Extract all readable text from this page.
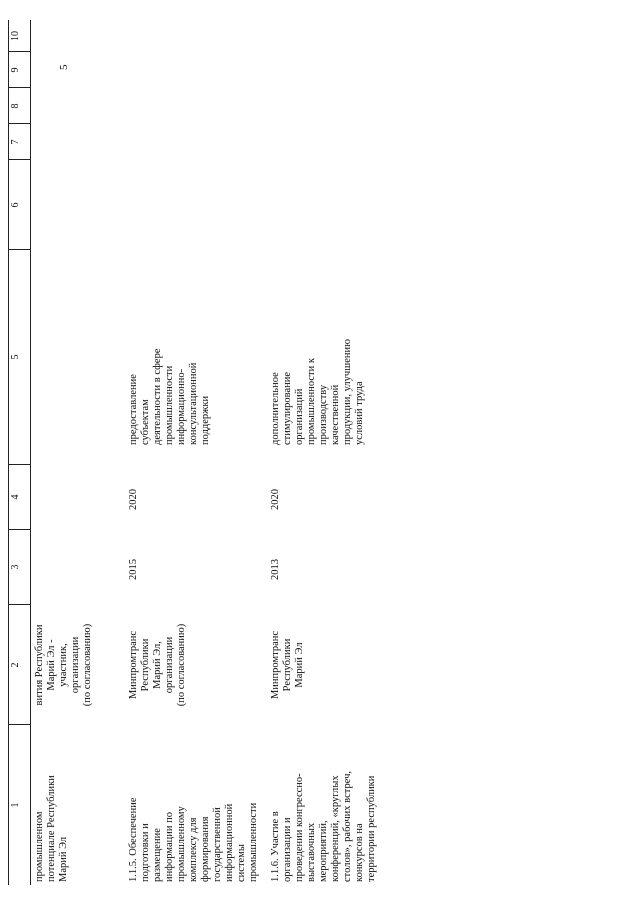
5
1
2
3
4
5
6
7
8
9
10
промышленном потенциале Республики Марий Эл
вития Республики Марий Эл - участник, организации (по согласованию)
1.1.5. Обеспечение подготовки и
размещение информации по промышленному комплексу для формирования государственной информационной системы промышленности
Минпромтранс Республики Марий Эл, организации (по согласованию)
2015
2020
предоставление субъектам деятельности в сфере промышленности информационно- консультационной поддержки
1.1.6. Участие в организации и проведении конгрессно- выставочных мероприятий, конференций, «круглых столов», рабочих встреч, конкурсов на территории республики
Минпромтранс Республики Марий Эл
2013
2020
дополнительное стимулирование организаций промышленности к производству качественной продукции, улучшению условий труда
